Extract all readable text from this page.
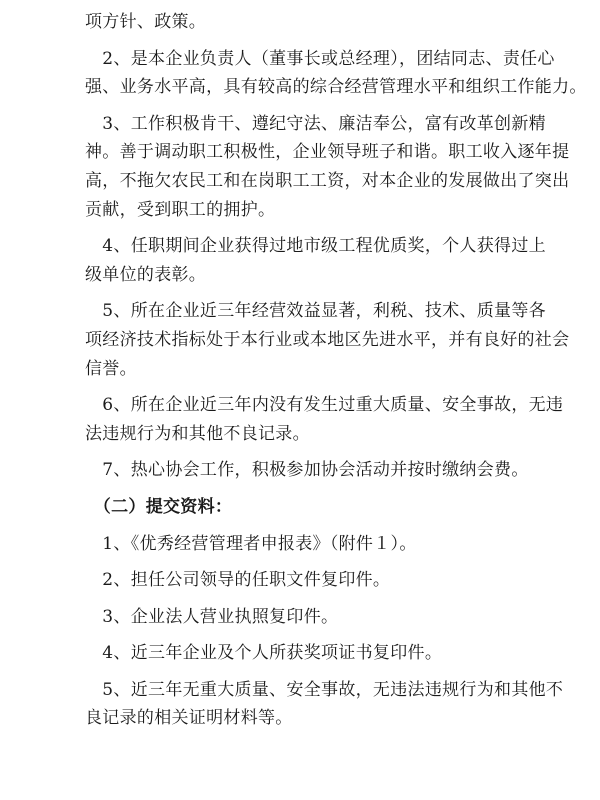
项方针、政策。
　2、是本企业负责人（董事长或总经理），团结同志、责任心
强、业务水平高，具有较高的综合经营管理水平和组织工作能力。
　3、工作积极肯干、遵纪守法、廉洁奉公，富有改革创新精
神。善于调动职工积极性，企业领导班子和谐。职工收入逐年提
高，不拖欠农民工和在岗职工工资，对本企业的发展做出了突出
贡献，受到职工的拥护。
　4、任职期间企业获得过地市级工程优质奖，个人获得过上
级单位的表彰。
　5、所在企业近三年经营效益显著，利税、技术、质量等各
项经济技术指标处于本行业或本地区先进水平，并有良好的社会
信誉。
　6、所在企业近三年内没有发生过重大质量、安全事故，无违
法违规行为和其他不良记录。
　7、热心协会工作，积极参加协会活动并按时缴纳会费。
　（二）提交资料：
　1、《优秀经营管理者申报表》（附件１）。
　2、担任公司领导的任职文件复印件。
　3、企业法人营业执照复印件。
　4、近三年企业及个人所获奖项证书复印件。
　5、近三年无重大质量、安全事故，无违法违规行为和其他不
良记录的相关证明材料等。
